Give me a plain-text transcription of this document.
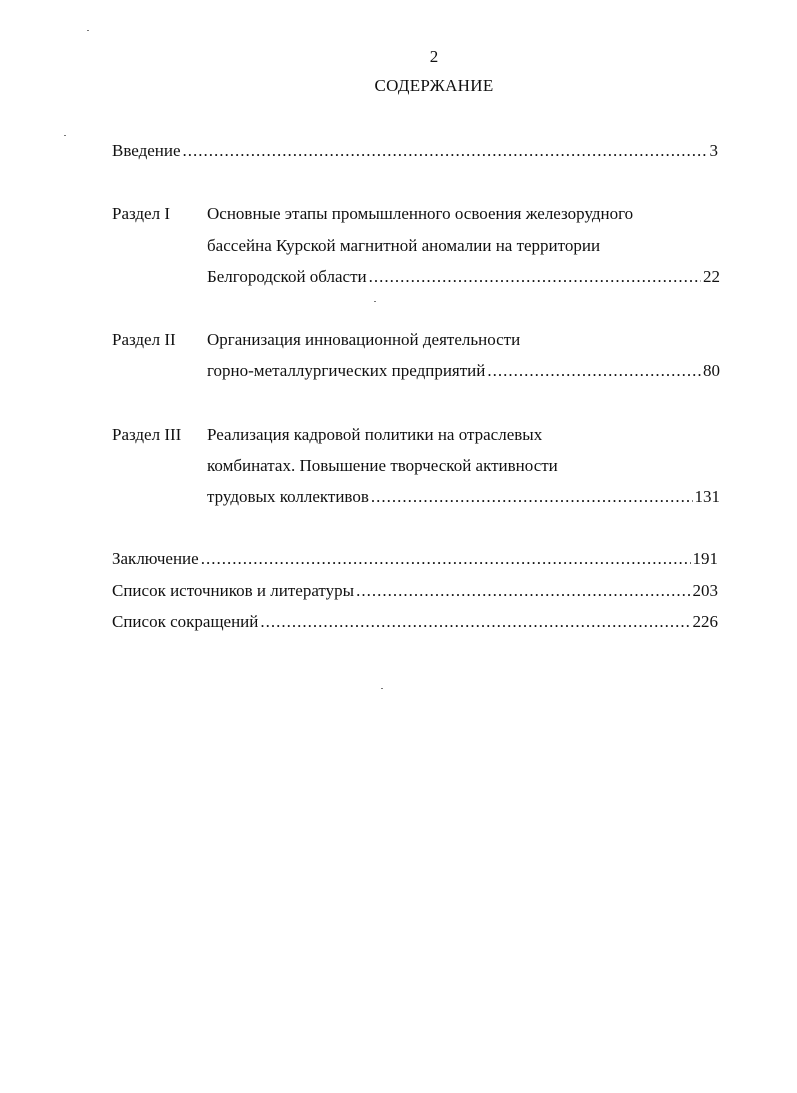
2
СОДЕРЖАНИЕ
Введение .....	3
Раздел I Основные этапы промышленного освоения железорудного
бассейна Курской магнитной аномалии на территории
Белгородской области .....	22
Раздел II Организация инновационной деятельности
горно-металлургических предприятий .....	80
Раздел III Реализация кадровой политики на отраслевых
комбинатах. Повышение творческой активности
трудовых коллективов .....	131
Заключение .....	191
Список источников и литературы .....	203
Список сокращений .....	226
